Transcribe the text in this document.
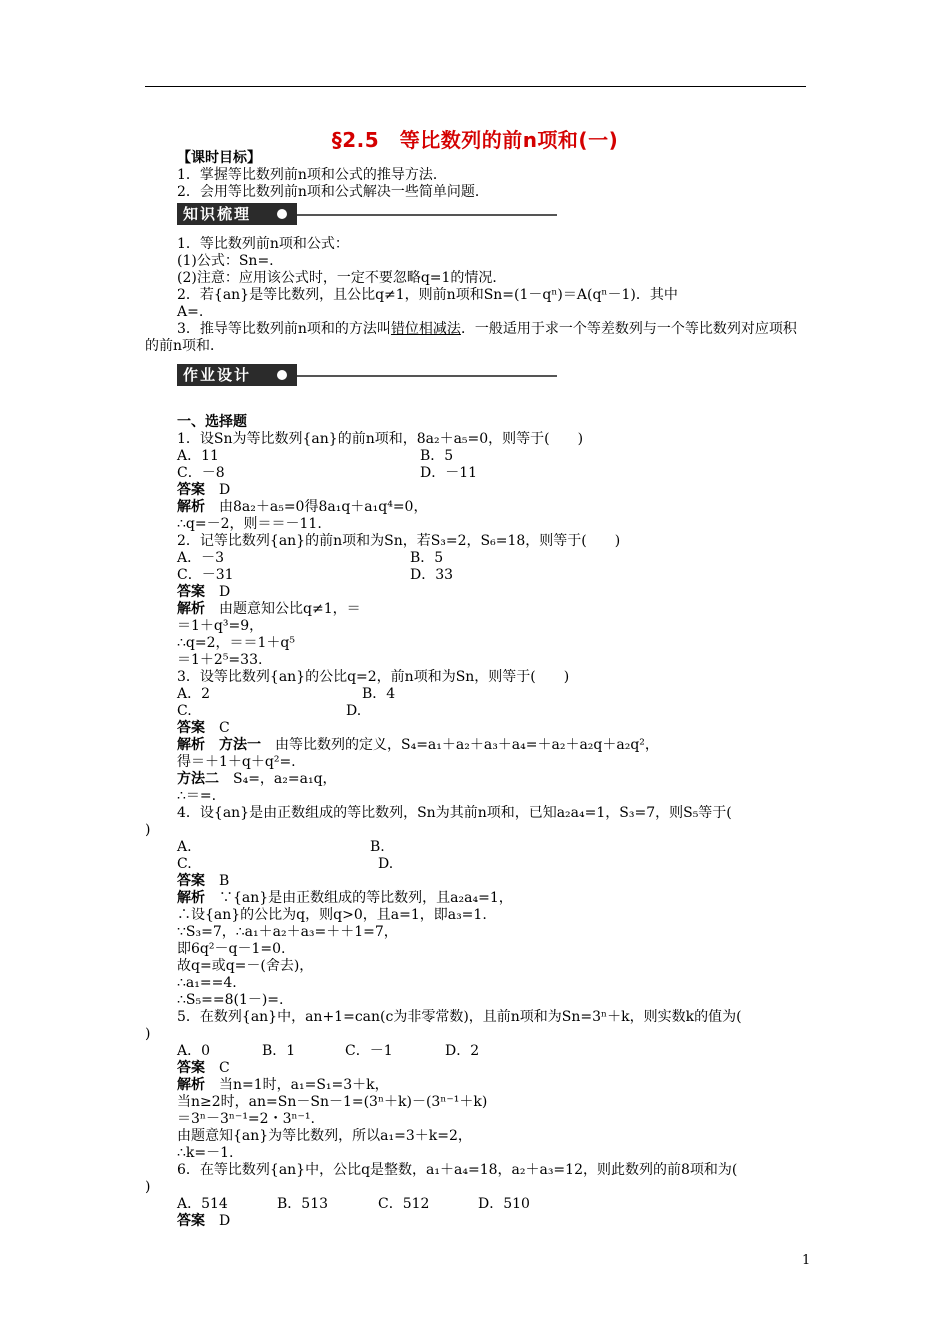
§2.5　等比数列的前n项和(一)
【课时目标】
1．掌握等比数列前n项和公式的推导方法．
2．会用等比数列前n项和公式解决一些简单问题．
知识梳理
1．等比数列前n项和公式：
(1)公式：Sn=.
(2)注意：应用该公式时，一定不要忽略q=1的情况．
2．若{an}是等比数列，且公比q≠1，则前n项和Sn=(1－qⁿ)＝A(qⁿ－1)．其中
A=.
3．推导等比数列前n项和的方法叫错位相减法．一般适用于求一个等差数列与一个等比数列对应项积的前n项和．
作业设计
一、选择题
1．设Sn为等比数列{an}的前n项和，8a₂＋a₅=0，则等于(　　)
A．11	B．5
C．－8	D．－11
答案　 D
解析　 由8a₂＋a₅=0得8a₁q＋a₁q⁴=0，
∴q=－2，则＝＝－11.
2．记等比数列{an}的前n项和为Sn，若S₃=2，S₆=18，则等于(　　)
A．－3	B．5
C．－31	D．33
答案　 D
解析　 由题意知公比q≠1，＝
＝1＋q³=9，
∴q=2，＝＝1＋q⁵
＝1＋2⁵=33.
3．设等比数列{an}的公比q=2，前n项和为Sn，则等于(　　)
A．2	B．4
C.	D.
答案　 C
解析　 方法一　 由等比数列的定义，S₄=a₁＋a₂＋a₃＋a₄=＋a₂＋a₂q＋a₂q²，
得＝＋1＋q＋q²=.
方法二　 S₄=，a₂=a₁q，
∴＝=.
4．设{an}是由正数组成的等比数列，Sn为其前n项和，已知a₂a₄=1，S₃=7，则S₅等于(
)
A.	B.
C.	D.
答案　 B
解析　 ∵{an}是由正数组成的等比数列，且a₂a₄=1，
∴设{an}的公比为q，则q>0，且a=1，即a₃=1.
∵S₃=7，∴a₁＋a₂＋a₃=＋＋1=7，
即6q²－q－1=0.
故q=或q=－(舍去)，
∴a₁==4.
∴S₅==8(1－)=.
5．在数列{an}中，an+1=can(c为非零常数)，且前n项和为Sn=3ⁿ＋k，则实数k的值为(
)
A．0	B．1	C．－1	D．2
答案　 C
解析　 当n=1时，a₁=S₁=3＋k，
当n≥2时，an=Sn－Sn－1=(3ⁿ＋k)－(3ⁿ⁻¹＋k)
＝3ⁿ－3ⁿ⁻¹=2・3ⁿ⁻¹.
由题意知{an}为等比数列，所以a₁=3＋k=2，
∴k=－1.
6．在等比数列{an}中，公比q是整数，a₁＋a₄=18，a₂＋a₃=12，则此数列的前8项和为(
)
A．514	B．513	C．512	D．510
答案　 D
1
